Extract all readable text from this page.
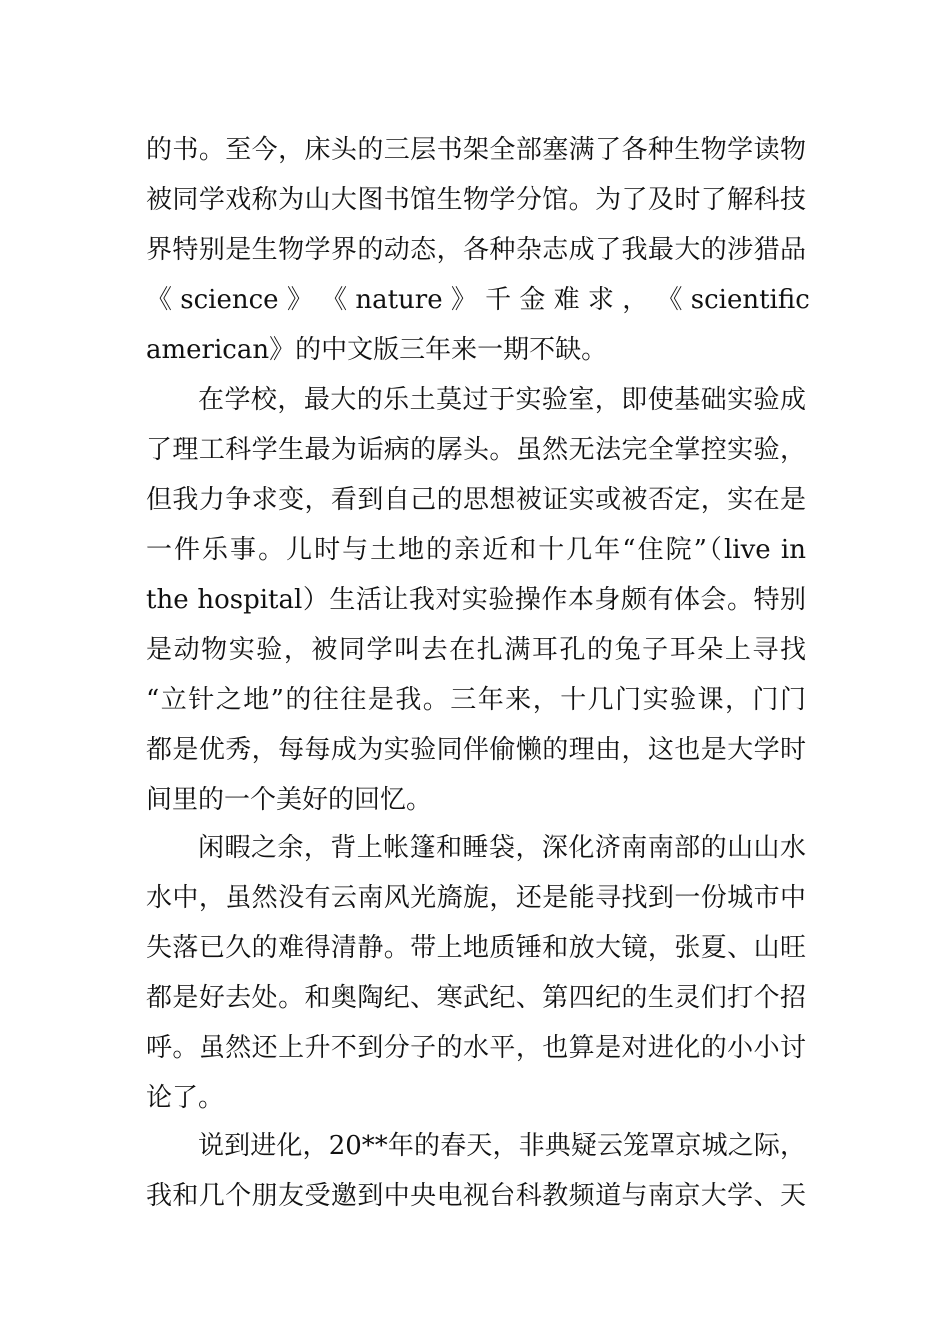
的书。至今，床头的三层书架全部塞满了各种生物学读物
被同学戏称为山大图书馆生物学分馆。为了及时了解科技
界特别是生物学界的动态，各种杂志成了我最大的涉猎品
《 science 》 《 nature 》 千 金 难 求 ， 《 scientific
american》的中文版三年来一期不缺。
在学校，最大的乐土莫过于实验室，即使基础实验成
了理工科学生最为诟病的孱头。虽然无法完全掌控实验，
但我力争求变，看到自己的思想被证实或被否定，实在是
一件乐事。儿时与土地的亲近和十几年“住院”（live in
the hospital）生活让我对实验操作本身颇有体会。特别
是动物实验，被同学叫去在扎满耳孔的兔子耳朵上寻找
“立针之地”的往往是我。三年来，十几门实验课，门门
都是优秀，每每成为实验同伴偷懒的理由，这也是大学时
间里的一个美好的回忆。
闲暇之余，背上帐篷和睡袋，深化济南南部的山山水
水中，虽然没有云南风光旖旎，还是能寻找到一份城市中
失落已久的难得清静。带上地质锤和放大镜，张夏、山旺
都是好去处。和奥陶纪、寒武纪、第四纪的生灵们打个招
呼。虽然还上升不到分子的水平，也算是对进化的小小讨
论了。
说到进化，20**年的春天，非典疑云笼罩京城之际，
我和几个朋友受邀到中央电视台科教频道与南京大学、天
